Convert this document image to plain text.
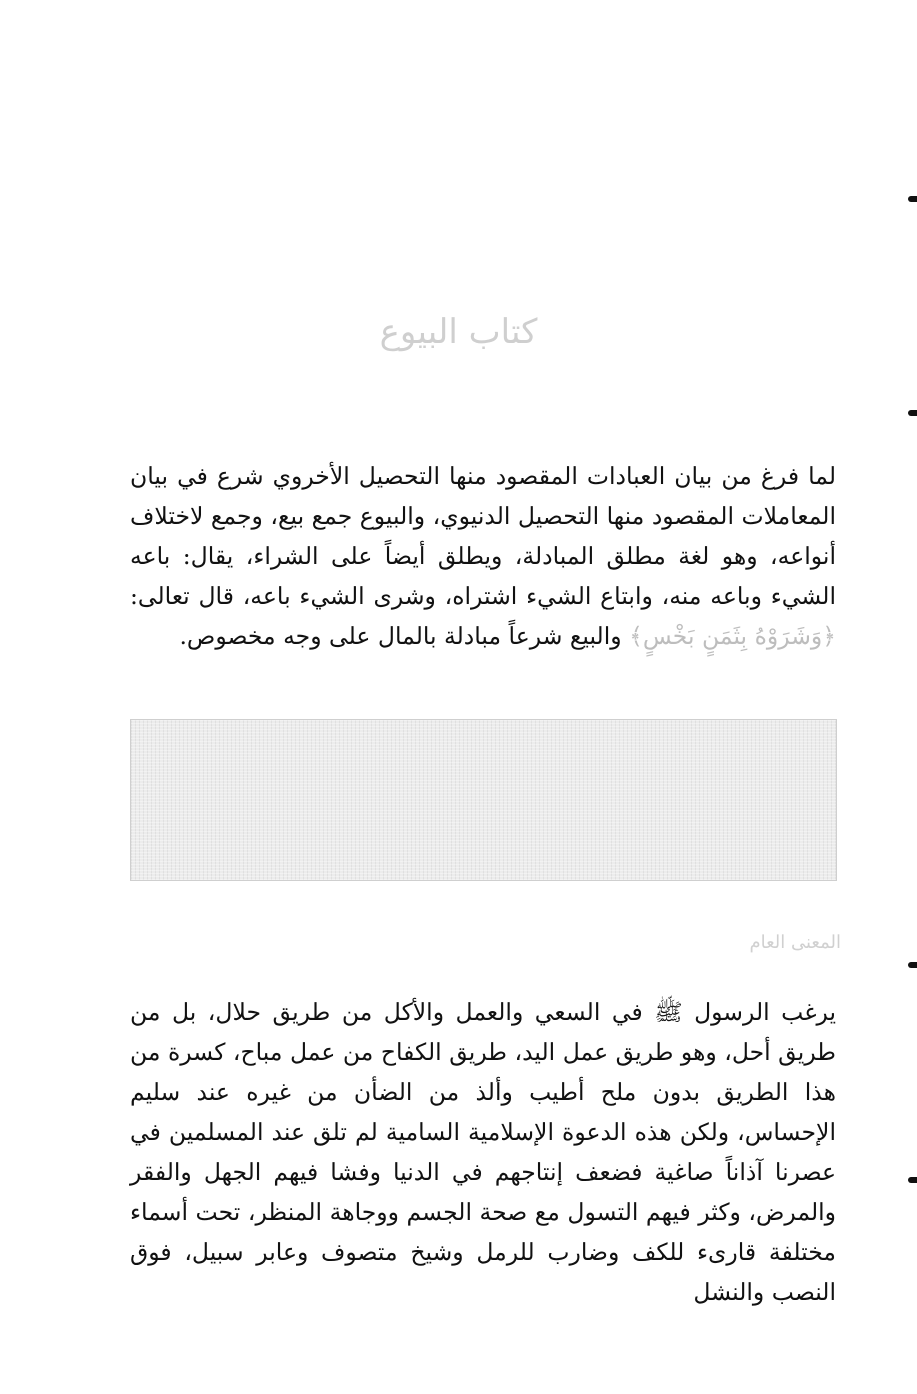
كتاب البيوع

لما فرغ من بيان العبادات المقصود منها التحصيل الأخروي شرع في بيان المعاملات المقصود منها التحصيل الدنيوي، والبيوع جمع بيع، وجمع لاختلاف أنواعه، وهو لغة مطلق المبادلة، ويطلق أيضاً على الشراء، يقال: باعه الشيء وباعه منه، وابتاع الشيء اشتراه، وشرى الشيء باعه، قال تعالى: ﴿وَشَرَوْهُ بِثَمَنٍ بَخْسٍ﴾ والبيع شرعاً مبادلة بالمال على وجه مخصوص.

المعنى العام

يرغب الرسول ﷺ في السعي والعمل والأكل من طريق حلال، بل من طريق أحل، وهو طريق عمل اليد، طريق الكفاح من عمل مباح، كسرة من هذا الطريق بدون ملح أطيب وألذ من الضأن من غيره عند سليم الإحساس، ولكن هذه الدعوة الإسلامية السامية لم تلق عند المسلمين في عصرنا آذاناً صاغية فضعف إنتاجهم في الدنيا وفشا فيهم الجهل والفقر والمرض، وكثر فيهم التسول مع صحة الجسم ووجاهة المنظر، تحت أسماء مختلفة قارىء للكف وضارب للرمل وشيخ متصوف وعابر سبيل، فوق النصب والنشل
